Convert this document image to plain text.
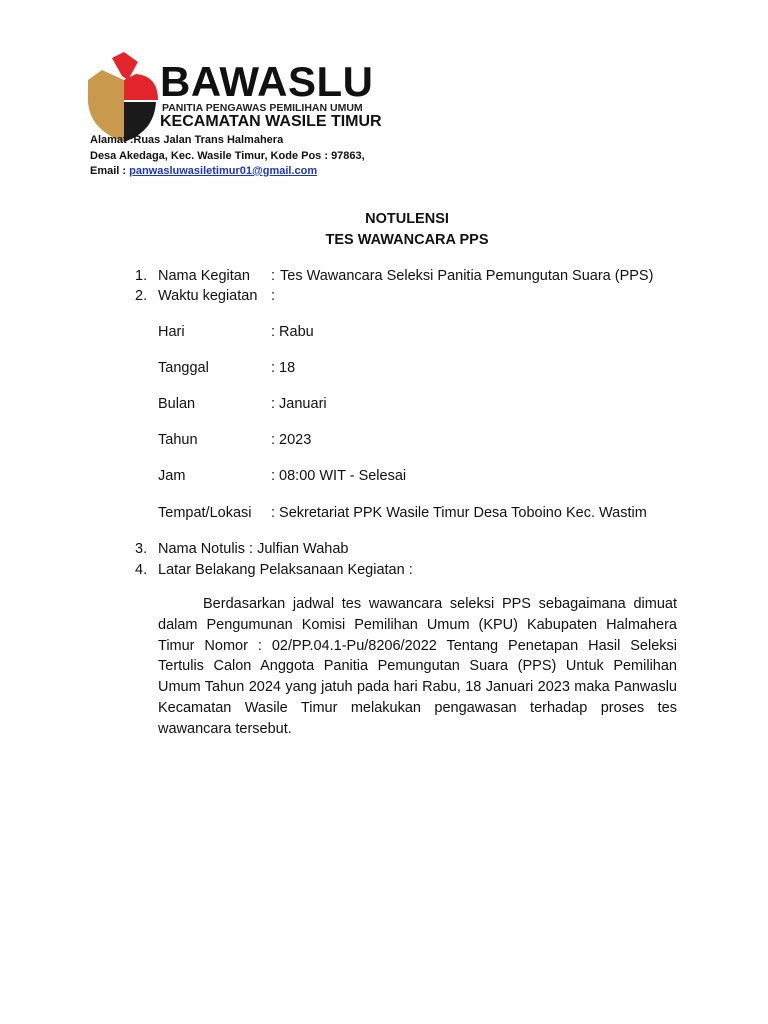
BAWASLU
PANITIA PENGAWAS PEMILIHAN UMUM
KECAMATAN WASILE TIMUR
Alamat :Ruas Jalan Trans Halmahera
Desa Akedaga, Kec. Wasile Timur, Kode Pos : 97863,
Email : panwasluwasiletimur01@gmail.com
NOTULENSI
TES WAWANCARA PPS
1. Nama Kegitan : Tes Wawancara Seleksi Panitia Pemungutan Suara (PPS)
2. Waktu kegiatan :
Hari	: Rabu
Tanggal	: 18
Bulan	: Januari
Tahun	: 2023
Jam	: 08:00 WIT - Selesai
Tempat/Lokasi : Sekretariat PPK Wasile Timur Desa Toboino Kec. Wastim
3. Nama Notulis : Julfian Wahab
4. Latar Belakang Pelaksanaan Kegiatan :
Berdasarkan jadwal tes wawancara seleksi PPS sebagaimana dimuat dalam Pengumunan Komisi Pemilihan Umum (KPU) Kabupaten Halmahera Timur Nomor : 02/PP.04.1-Pu/8206/2022 Tentang Penetapan Hasil Seleksi Tertulis Calon Anggota Panitia Pemungutan Suara (PPS) Untuk Pemilihan Umum Tahun 2024 yang jatuh pada hari Rabu, 18 Januari 2023 maka Panwaslu Kecamatan Wasile Timur melakukan pengawasan terhadap proses tes wawancara tersebut.
